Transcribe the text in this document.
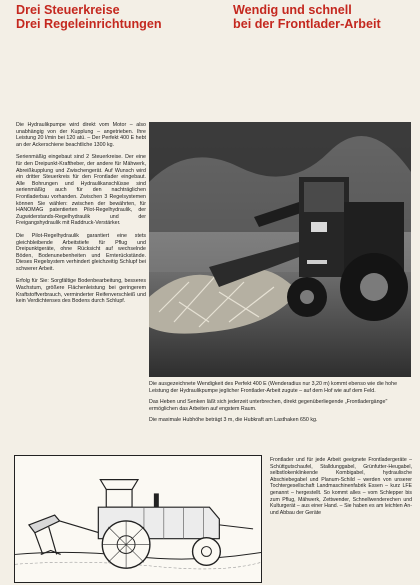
Drei Steuerkreise
Drei Regeleinrichtungen
Wendig und schnell
bei der Frontlader-Arbeit

Die Hydraulikpumpe wird direkt vom Motor – also unabhängig von der Kupplung – angetrieben. Ihre Leistung 20 l/min bei 120 atü. – Der Perfekt 400 E hebt an der Ackerschiene beachtliche 1300 kg.

Serienmäßig eingebaut sind 2 Steuerkreise. Der eine für den Dreipunkt-Kraftheber, der andere für Mähwerk, Abreißkupplung und Zwischengerät. Auf Wunsch wird ein dritter Steuerkreis für den Frontlader eingebaut. Alle Bohrungen und Hydraulikanschlüsse sind serienmäßig auch für den nachträglichen Frontladerbau vorhanden. Zwischen 3 Regelsystemen können Sie wählen: zwischen der bewährten, für HANOMAG patentierten Pilot-Regelhydraulik, der Zugwiderstands-Regelhydraulik und der Freigangshydraulik mit Raddruck-Verstärker.

Die Pilot-Regelhydraulik garantiert eine stets gleichbleibende Arbeitstiefe für Pflug und Dreipunktgeräte, ohne Rücksicht auf wechselnde Böden, Bodenunebenheiten und Ernterückstände. Dieses Regelsystem verhindert gleichzeitig Schlupf bei schwerer Arbeit.

Erfolg für Sie: Sorgfältige Bodenbearbeitung, besseres Wachstum, größere Flächenleistung bei geringerem Kraftstoffverbrauch, verminderter Reifenverschleiß und kein Verdichtenses des Bodens durch Schlupf.

Die ausgezeichnete Wendigkeit des Perfekt 400 E (Wenderadius nur 3,20 m) kommt ebenso wie die hohe Leistung der Hydraulikpumpe jeglicher Frontlader-Arbeit zugute – auf dem Hof wie auf dem Feld.

Das Heben und Senken läßt sich jederzeit unterbrechen, direkt gegenüberliegende „Frontladergänge" ermöglichen das Arbeiten auf engstem Raum.

Die maximale Hubhöhe beträgt 3 m, die Hubkraft am Lasthaken 650 kg.

Frontlader und für jede Arbeit geeignete Frontladergeräte – Schüttgutschaufel, Stalldunggabel, Grünfutter-Heugabel, selbstlokenklinkende Kombigabel, hydraulische Abschiebegabel und Planum-Schild – werden von unserer Tochtergesellschaft Landmaschinenfabrik Essen – kurz LFE genannt – hergestellt. So kommt alles – vom Schlepper bis zum Pflug, Mähwerk, Zettwender, Schnellwenderechen und Kulturgerät – aus einer Hand. – Sie haben es am leichten An- und Abbau der Geräte
